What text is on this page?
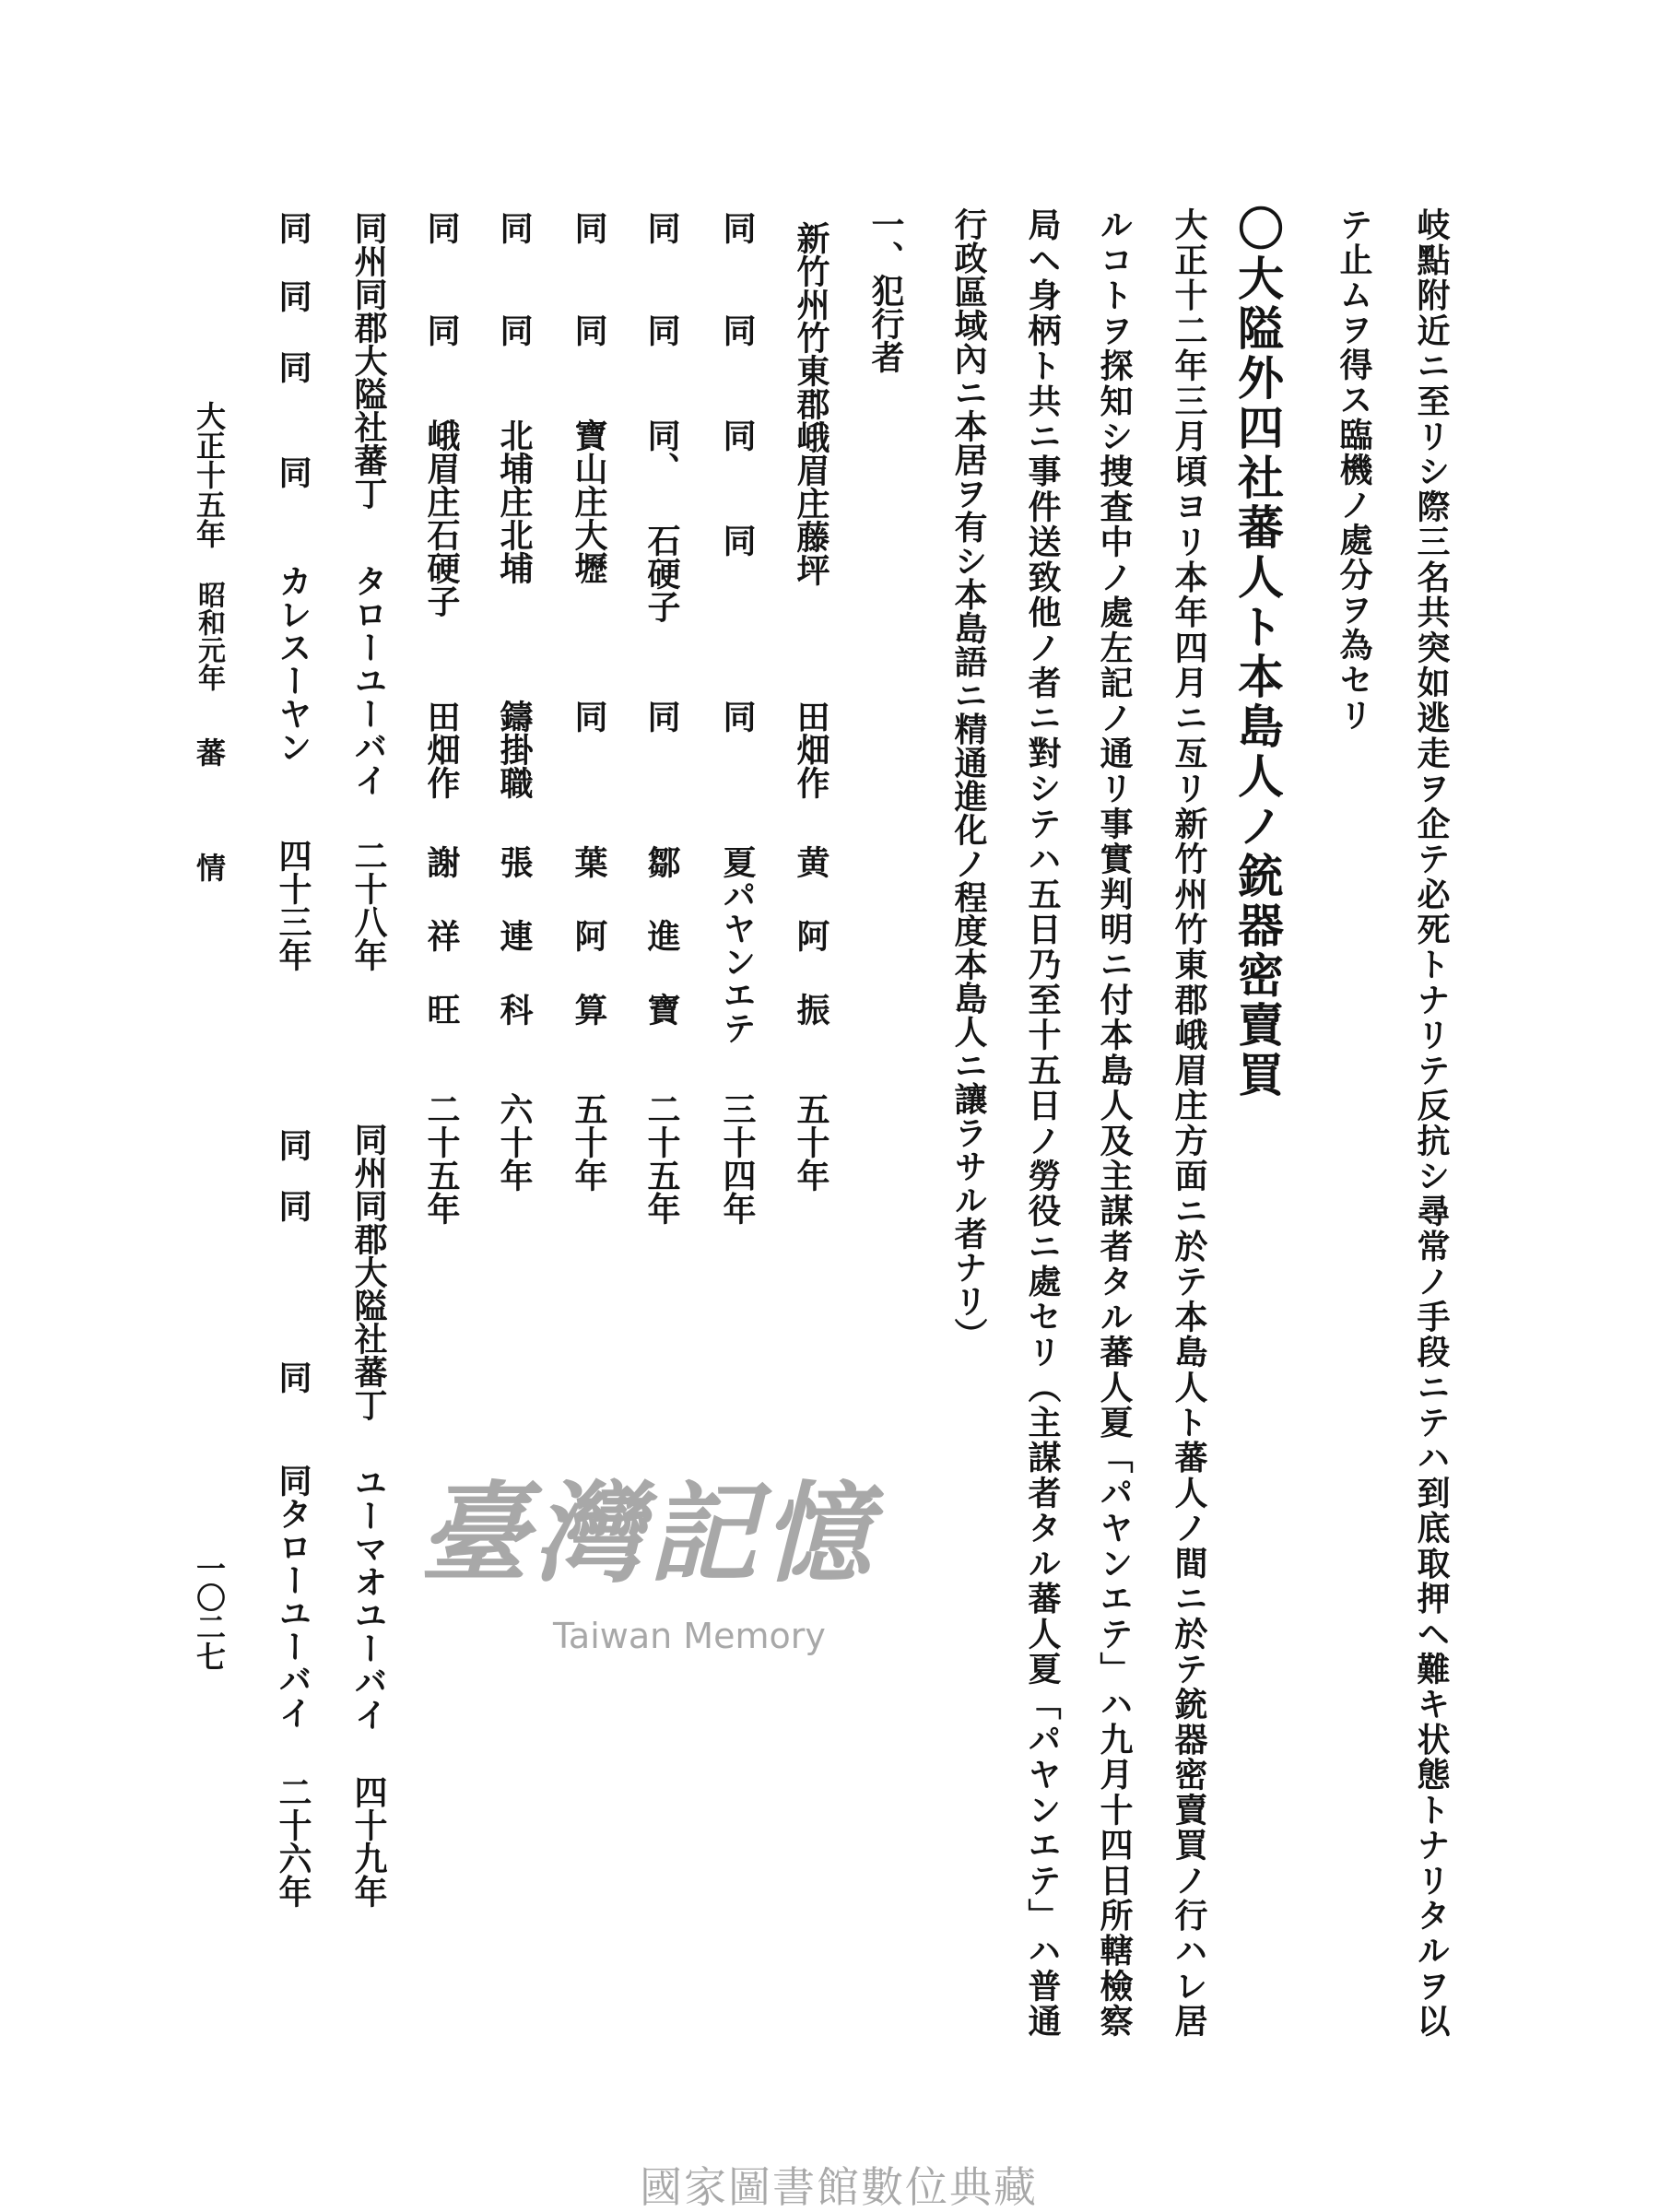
岐點附近ニ至リシ際三名共突如逃走ヲ企テ必死トナリテ反抗シ尋常ノ手段ニテハ到底取押ヘ難キ状態トナリタルヲ以
テ止ムヲ得ス臨機ノ處分ヲ為セリ
〇大隘外四社蕃人ト本島人ノ銃器密賣買
大正十二年三月頃ヨリ本年四月ニ亙リ新竹州竹東郡峨眉庄方面ニ於テ本島人ト蕃人ノ間ニ於テ銃器密賣買ノ行ハレ居
ルコトヲ探知シ捜査中ノ處左記ノ通リ事實判明ニ付本島人及主謀者タル蕃人夏「パヤンエテ」ハ九月十四日所轄檢察
局ヘ身柄ト共ニ事件送致他ノ者ニ對シテハ五日乃至十五日ノ勞役ニ處セリ（主謀者タル蕃人夏「パヤンエテ」ハ普通
行政區域內ニ本居ヲ有シ本島語ニ精通進化ノ程度本島人ニ讓ラサル者ナリ）
一、犯行者
新竹州竹東郡峨眉庄藤坪
田畑作
黄阿振
五十年
同
同
同
同
同
夏パヤンエテ
三十四年
同
同
同、
石硬子
同
鄒進寶
二十五年
同
同
寶山庄大壢
同
葉阿算
五十年
同
同
北埔庄北埔
鑄掛職
張連科
六十年
同
同
峨眉庄石硬子
田畑作
謝祥旺
二十五年
同州同郡大隘社蕃丁
タローユーバイ
二十八年
同
同
同
同
カレスーヤン
四十三年
同州同郡大隘社蕃丁
ユーマオユーバイ
四十九年
同
同
同
同タローユーバイ
二十六年
大正十五年
昭和元年
蕃
情
一〇二七
臺灣記憶
Taiwan Memory
國家圖書館數位典藏
